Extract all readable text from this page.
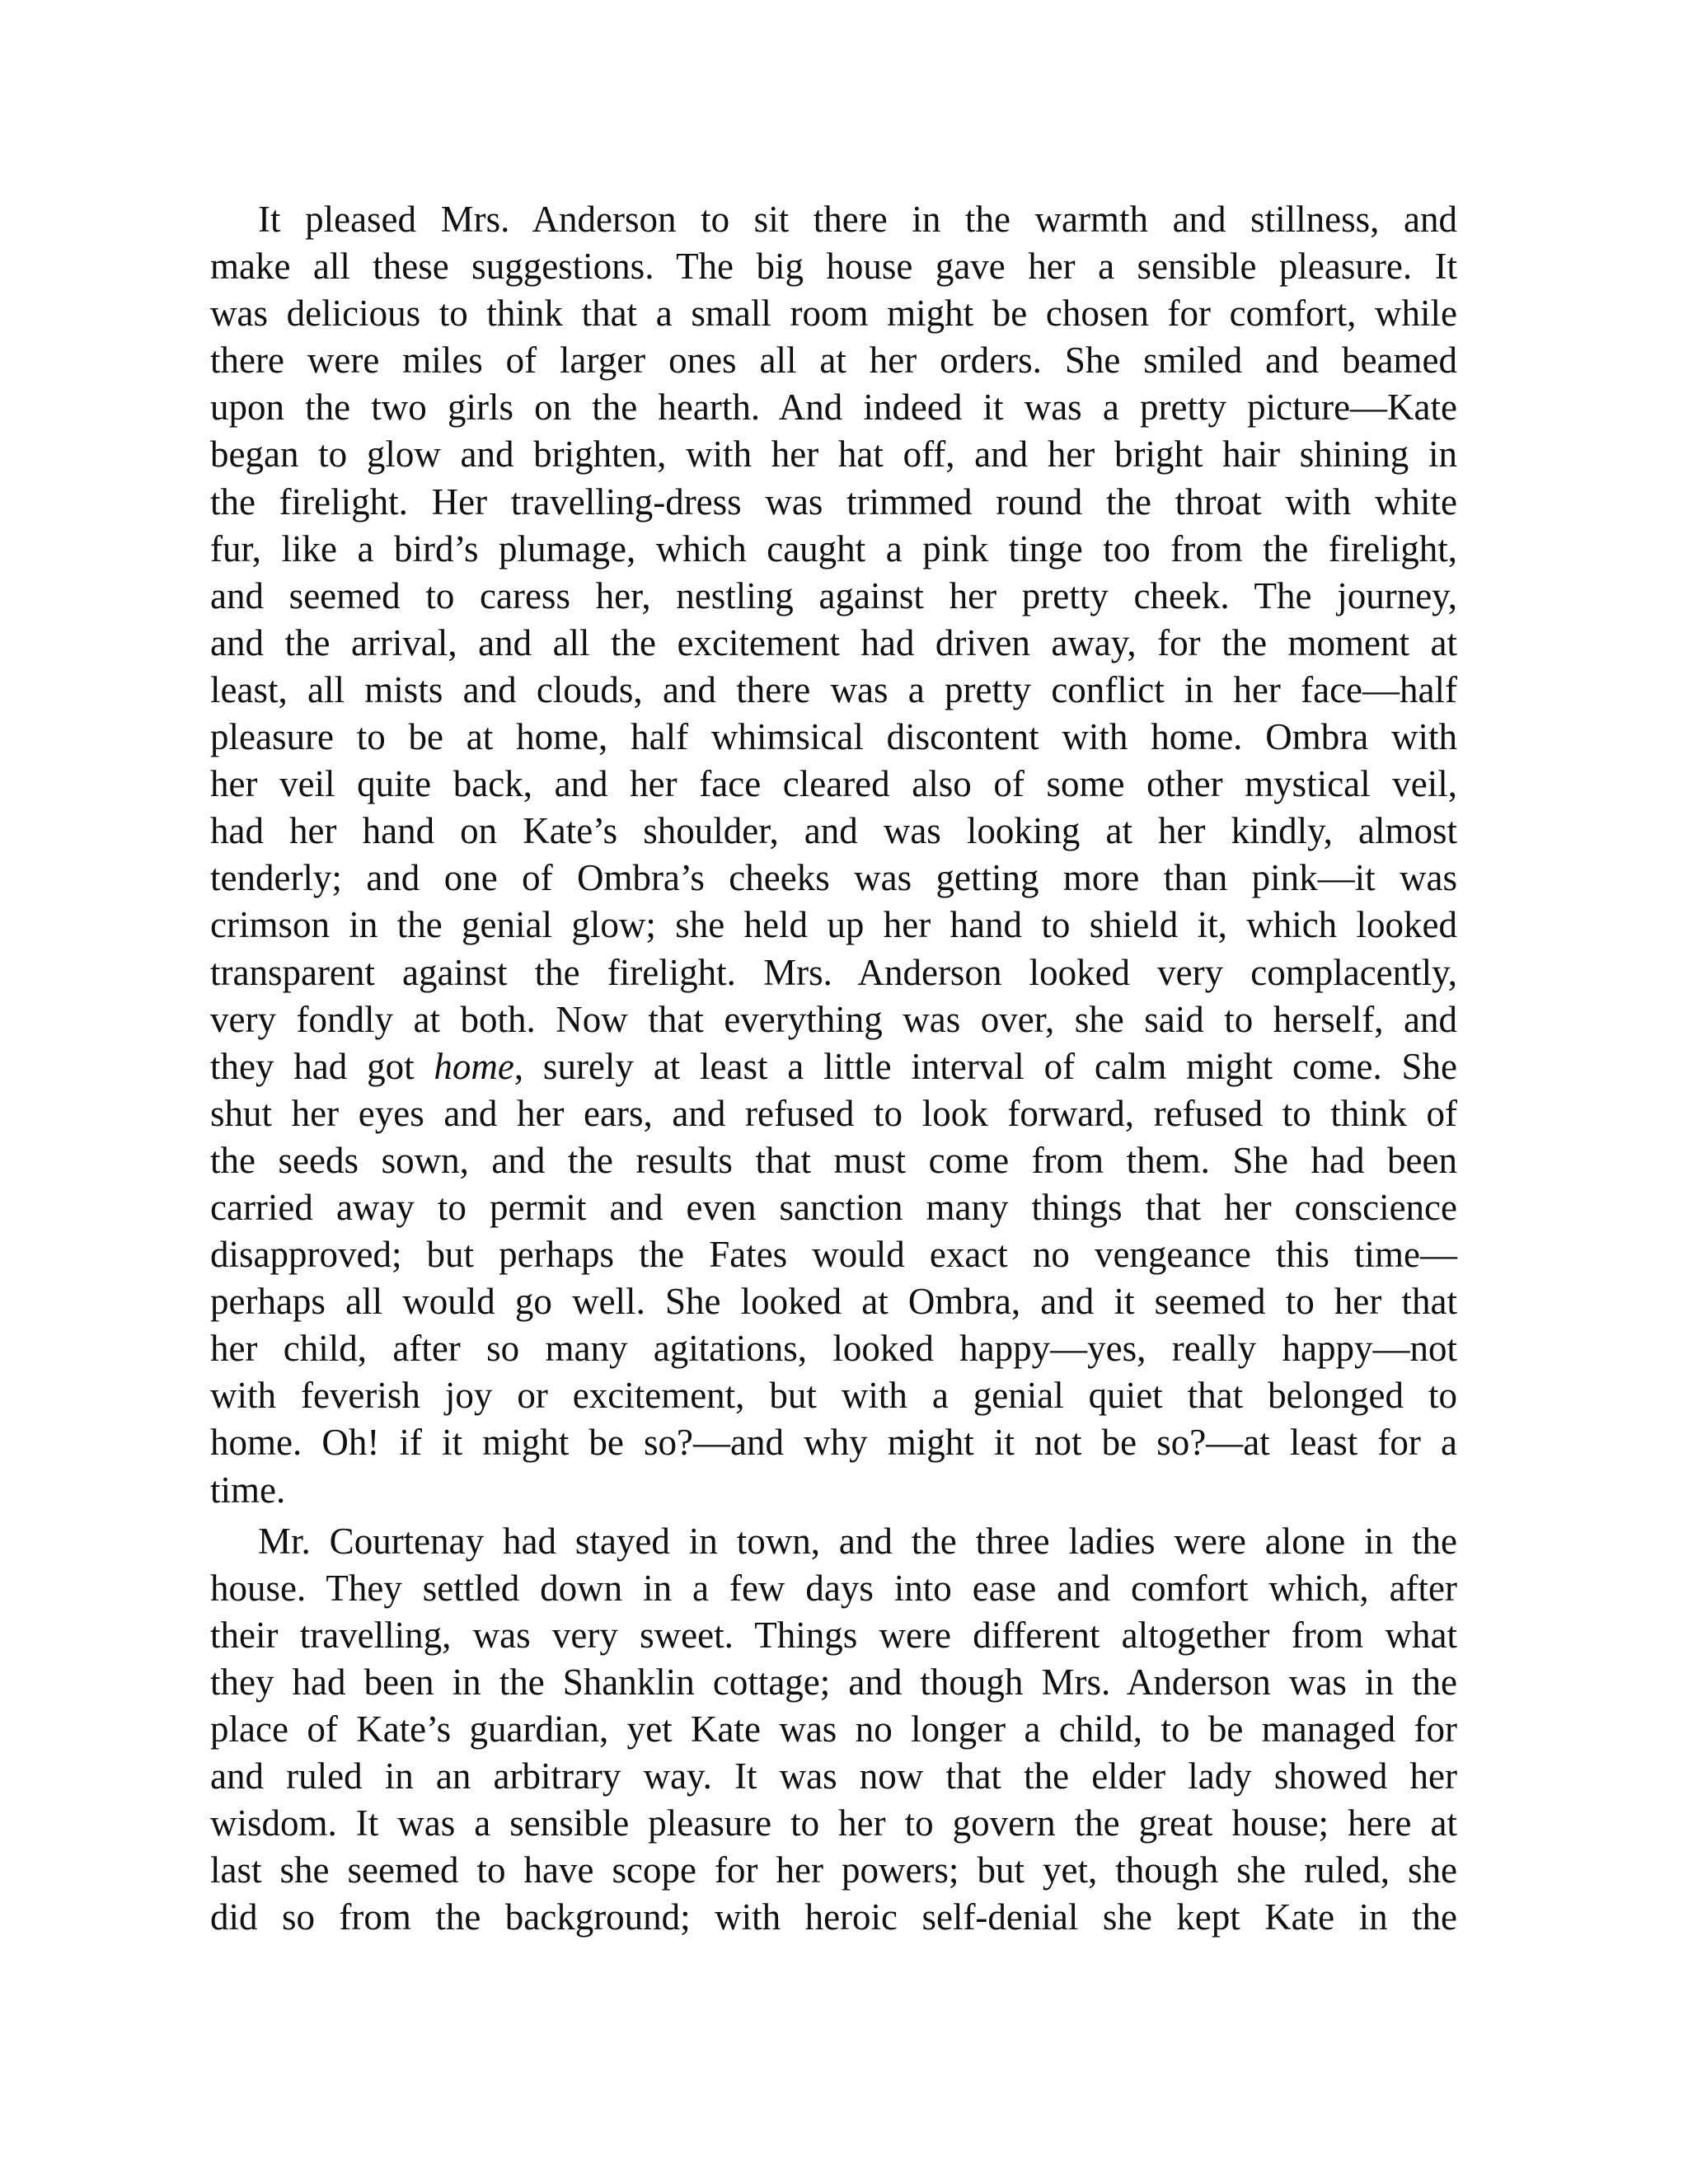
It pleased Mrs. Anderson to sit there in the warmth and stillness, and
make all these suggestions. The big house gave her a sensible pleasure. It
was delicious to think that a small room might be chosen for comfort, while
there were miles of larger ones all at her orders. She smiled and beamed
upon the two girls on the hearth. And indeed it was a pretty picture—Kate
began to glow and brighten, with her hat off, and her bright hair shining in
the firelight. Her travelling-dress was trimmed round the throat with white
fur, like a bird’s plumage, which caught a pink tinge too from the firelight,
and seemed to caress her, nestling against her pretty cheek. The journey,
and the arrival, and all the excitement had driven away, for the moment at
least, all mists and clouds, and there was a pretty conflict in her face—half
pleasure to be at home, half whimsical discontent with home. Ombra with
her veil quite back, and her face cleared also of some other mystical veil,
had her hand on Kate’s shoulder, and was looking at her kindly, almost
tenderly; and one of Ombra’s cheeks was getting more than pink—it was
crimson in the genial glow; she held up her hand to shield it, which looked
transparent against the firelight. Mrs. Anderson looked very complacently,
very fondly at both. Now that everything was over, she said to herself, and
they had got home, surely at least a little interval of calm might come. She
shut her eyes and her ears, and refused to look forward, refused to think of
the seeds sown, and the results that must come from them. She had been
carried away to permit and even sanction many things that her conscience
disapproved; but perhaps the Fates would exact no vengeance this time—
perhaps all would go well. She looked at Ombra, and it seemed to her that
her child, after so many agitations, looked happy—yes, really happy—not
with feverish joy or excitement, but with a genial quiet that belonged to
home. Oh! if it might be so?—and why might it not be so?—at least for a
time.

Mr. Courtenay had stayed in town, and the three ladies were alone in the
house. They settled down in a few days into ease and comfort which, after
their travelling, was very sweet. Things were different altogether from what
they had been in the Shanklin cottage; and though Mrs. Anderson was in the
place of Kate’s guardian, yet Kate was no longer a child, to be managed for
and ruled in an arbitrary way. It was now that the elder lady showed her
wisdom. It was a sensible pleasure to her to govern the great house; here at
last she seemed to have scope for her powers; but yet, though she ruled, she
did so from the background; with heroic self-denial she kept Kate in the
